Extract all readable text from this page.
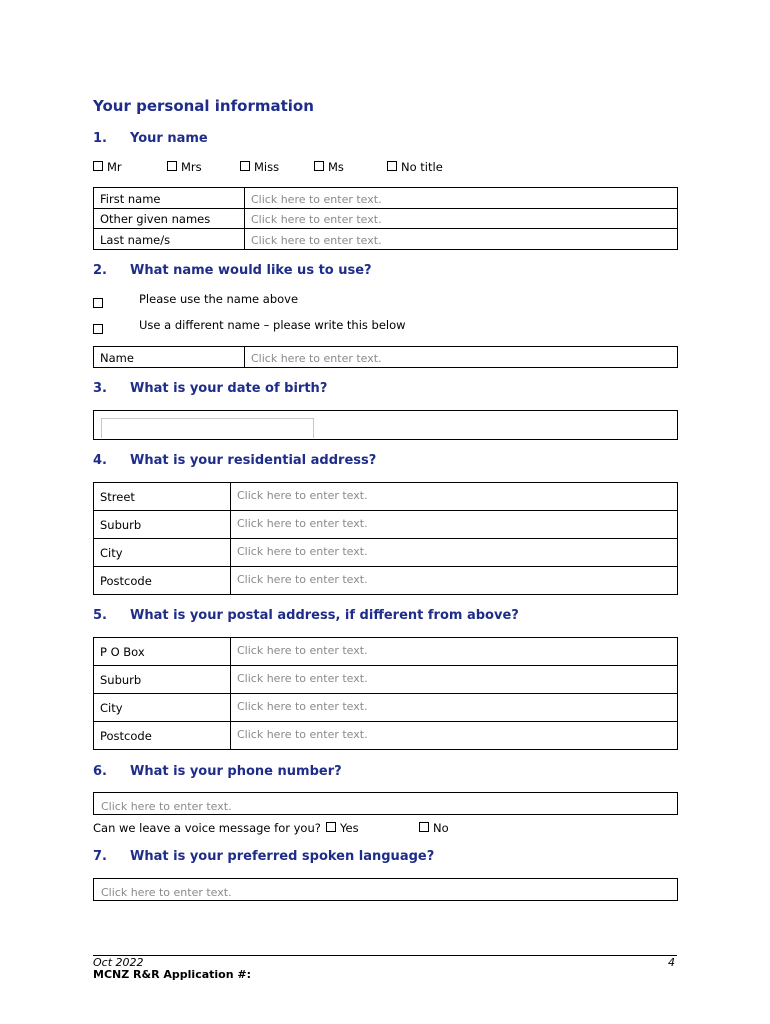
Your personal information
1. Your name
Mr	Mrs	Miss	Ms	No title
First name	Click here to enter text.
Other given names	Click here to enter text.
Last name/s	Click here to enter text.
2. What name would like us to use?
Please use the name above
Use a different name – please write this below
Name	Click here to enter text.
3. What is your date of birth?
4. What is your residential address?
Street	Click here to enter text.
Suburb	Click here to enter text.
City	Click here to enter text.
Postcode	Click here to enter text.
5. What is your postal address, if different from above?
P O Box	Click here to enter text.
Suburb	Click here to enter text.
City	Click here to enter text.
Postcode	Click here to enter text.
6. What is your phone number?
Click here to enter text.
Can we leave a voice message for you?	Yes	No
7. What is your preferred spoken language?
Click here to enter text.
Oct 2022	4
MCNZ R&R Application #:
